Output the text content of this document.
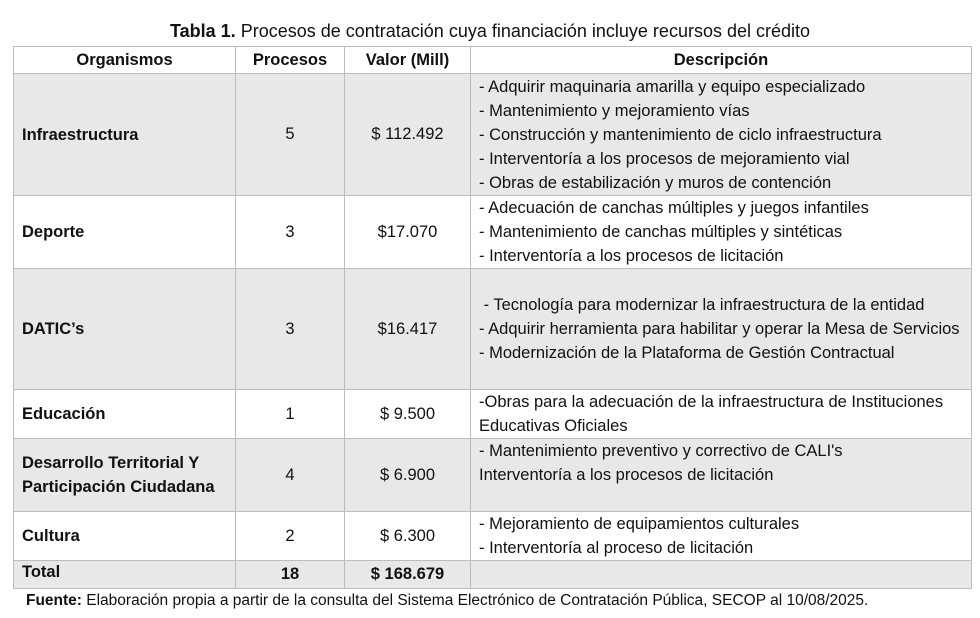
Tabla 1. Procesos de contratación cuya financiación incluye recursos del crédito
Organismos	Procesos	Valor (Mill)	Descripción
Infraestructura	5	$ 112.492	- Adquirir maquinaria amarilla y equipo especializado
- Mantenimiento y mejoramiento vías
- Construcción y mantenimiento de ciclo infraestructura
- Interventoría a los procesos de mejoramiento vial
- Obras de estabilización y muros de contención

Deporte	3	$17.070	- Adecuación de canchas múltiples y juegos infantiles
- Mantenimiento de canchas múltiples y sintéticas
- Interventoría a los procesos de licitación

DATIC’s	3	$16.417	- Tecnología para modernizar la infraestructura de la entidad
- Adquirir herramienta para habilitar y operar la Mesa de Servicios
- Modernización de la Plataforma de Gestión Contractual

Educación	1	$ 9.500	-Obras para la adecuación de la infraestructura de Instituciones Educativas Oficiales

Desarrollo Territorial Y Participación Ciudadana	4	$ 6.900	- Mantenimiento preventivo y correctivo de CALI's
Interventoría a los procesos de licitación

Cultura	2	$ 6.300	- Mejoramiento de equipamientos culturales
- Interventoría al proceso de licitación

Total	18	$ 168.679	
Fuente: Elaboración propia a partir de la consulta del Sistema Electrónico de Contratación Pública, SECOP al 10/08/2025.
